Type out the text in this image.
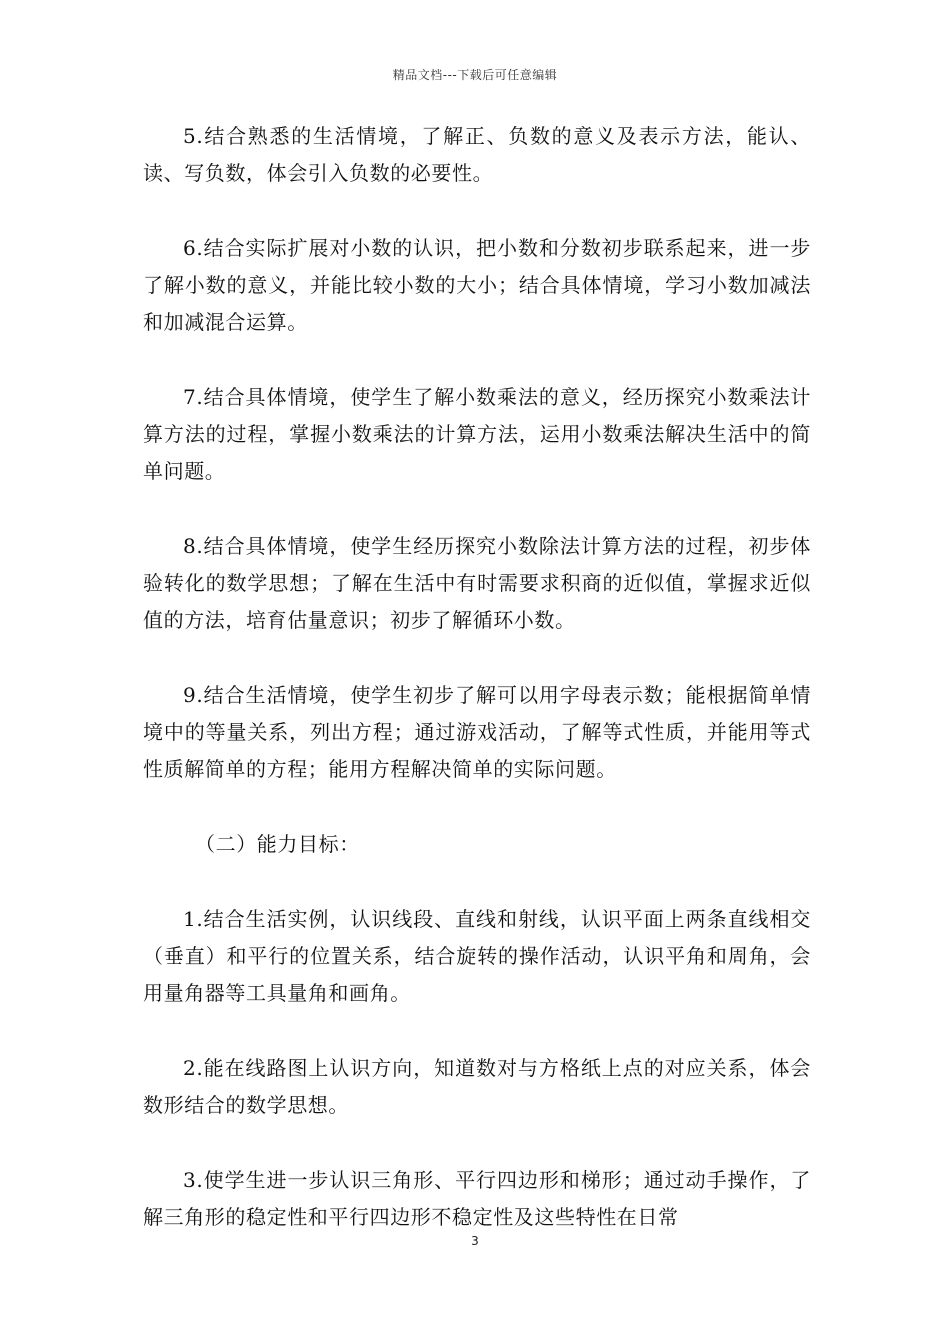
精品文档---下载后可任意编辑

5.结合熟悉的生活情境，了解正、负数的意义及表示方法，能认、读、写负数，体会引入负数的必要性。

6.结合实际扩展对小数的认识，把小数和分数初步联系起来，进一步了解小数的意义，并能比较小数的大小；结合具体情境，学习小数加减法和加减混合运算。

7.结合具体情境，使学生了解小数乘法的意义，经历探究小数乘法计算方法的过程，掌握小数乘法的计算方法，运用小数乘法解决生活中的简单问题。

8.结合具体情境，使学生经历探究小数除法计算方法的过程，初步体验转化的数学思想；了解在生活中有时需要求积商的近似值，掌握求近似值的方法，培育估量意识；初步了解循环小数。

9.结合生活情境，使学生初步了解可以用字母表示数；能根据简单情境中的等量关系，列出方程；通过游戏活动，了解等式性质，并能用等式性质解简单的方程；能用方程解决简单的实际问题。

（二）能力目标：

1.结合生活实例，认识线段、直线和射线，认识平面上两条直线相交（垂直）和平行的位置关系，结合旋转的操作活动，认识平角和周角，会用量角器等工具量角和画角。

2.能在线路图上认识方向，知道数对与方格纸上点的对应关系，体会数形结合的数学思想。

3.使学生进一步认识三角形、平行四边形和梯形；通过动手操作，了解三角形的稳定性和平行四边形不稳定性及这些特性在日常

3
